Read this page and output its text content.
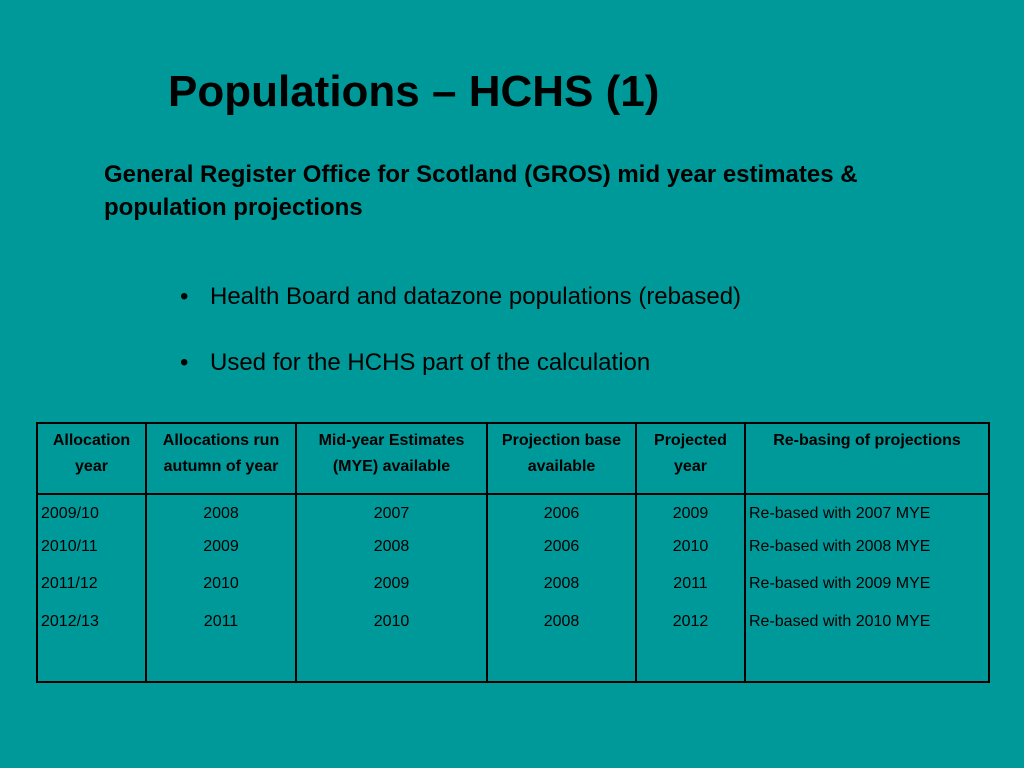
Populations – HCHS (1)

General Register Office for Scotland (GROS) mid year estimates & population projections

• Health Board and datazone populations (rebased)
• Used for the HCHS part of the calculation
Allocation year	Allocations run autumn of year	Mid-year Estimates (MYE) available	Projection base available	Projected year	Re-basing of projections
2009/10	2008	2007	2006	2009	Re-based with 2007 MYE
2010/11	2009	2008	2006	2010	Re-based with 2008 MYE
2011/12	2010	2009	2008	2011	Re-based with 2009 MYE
2012/13	2011	2010	2008	2012	Re-based with 2010 MYE
